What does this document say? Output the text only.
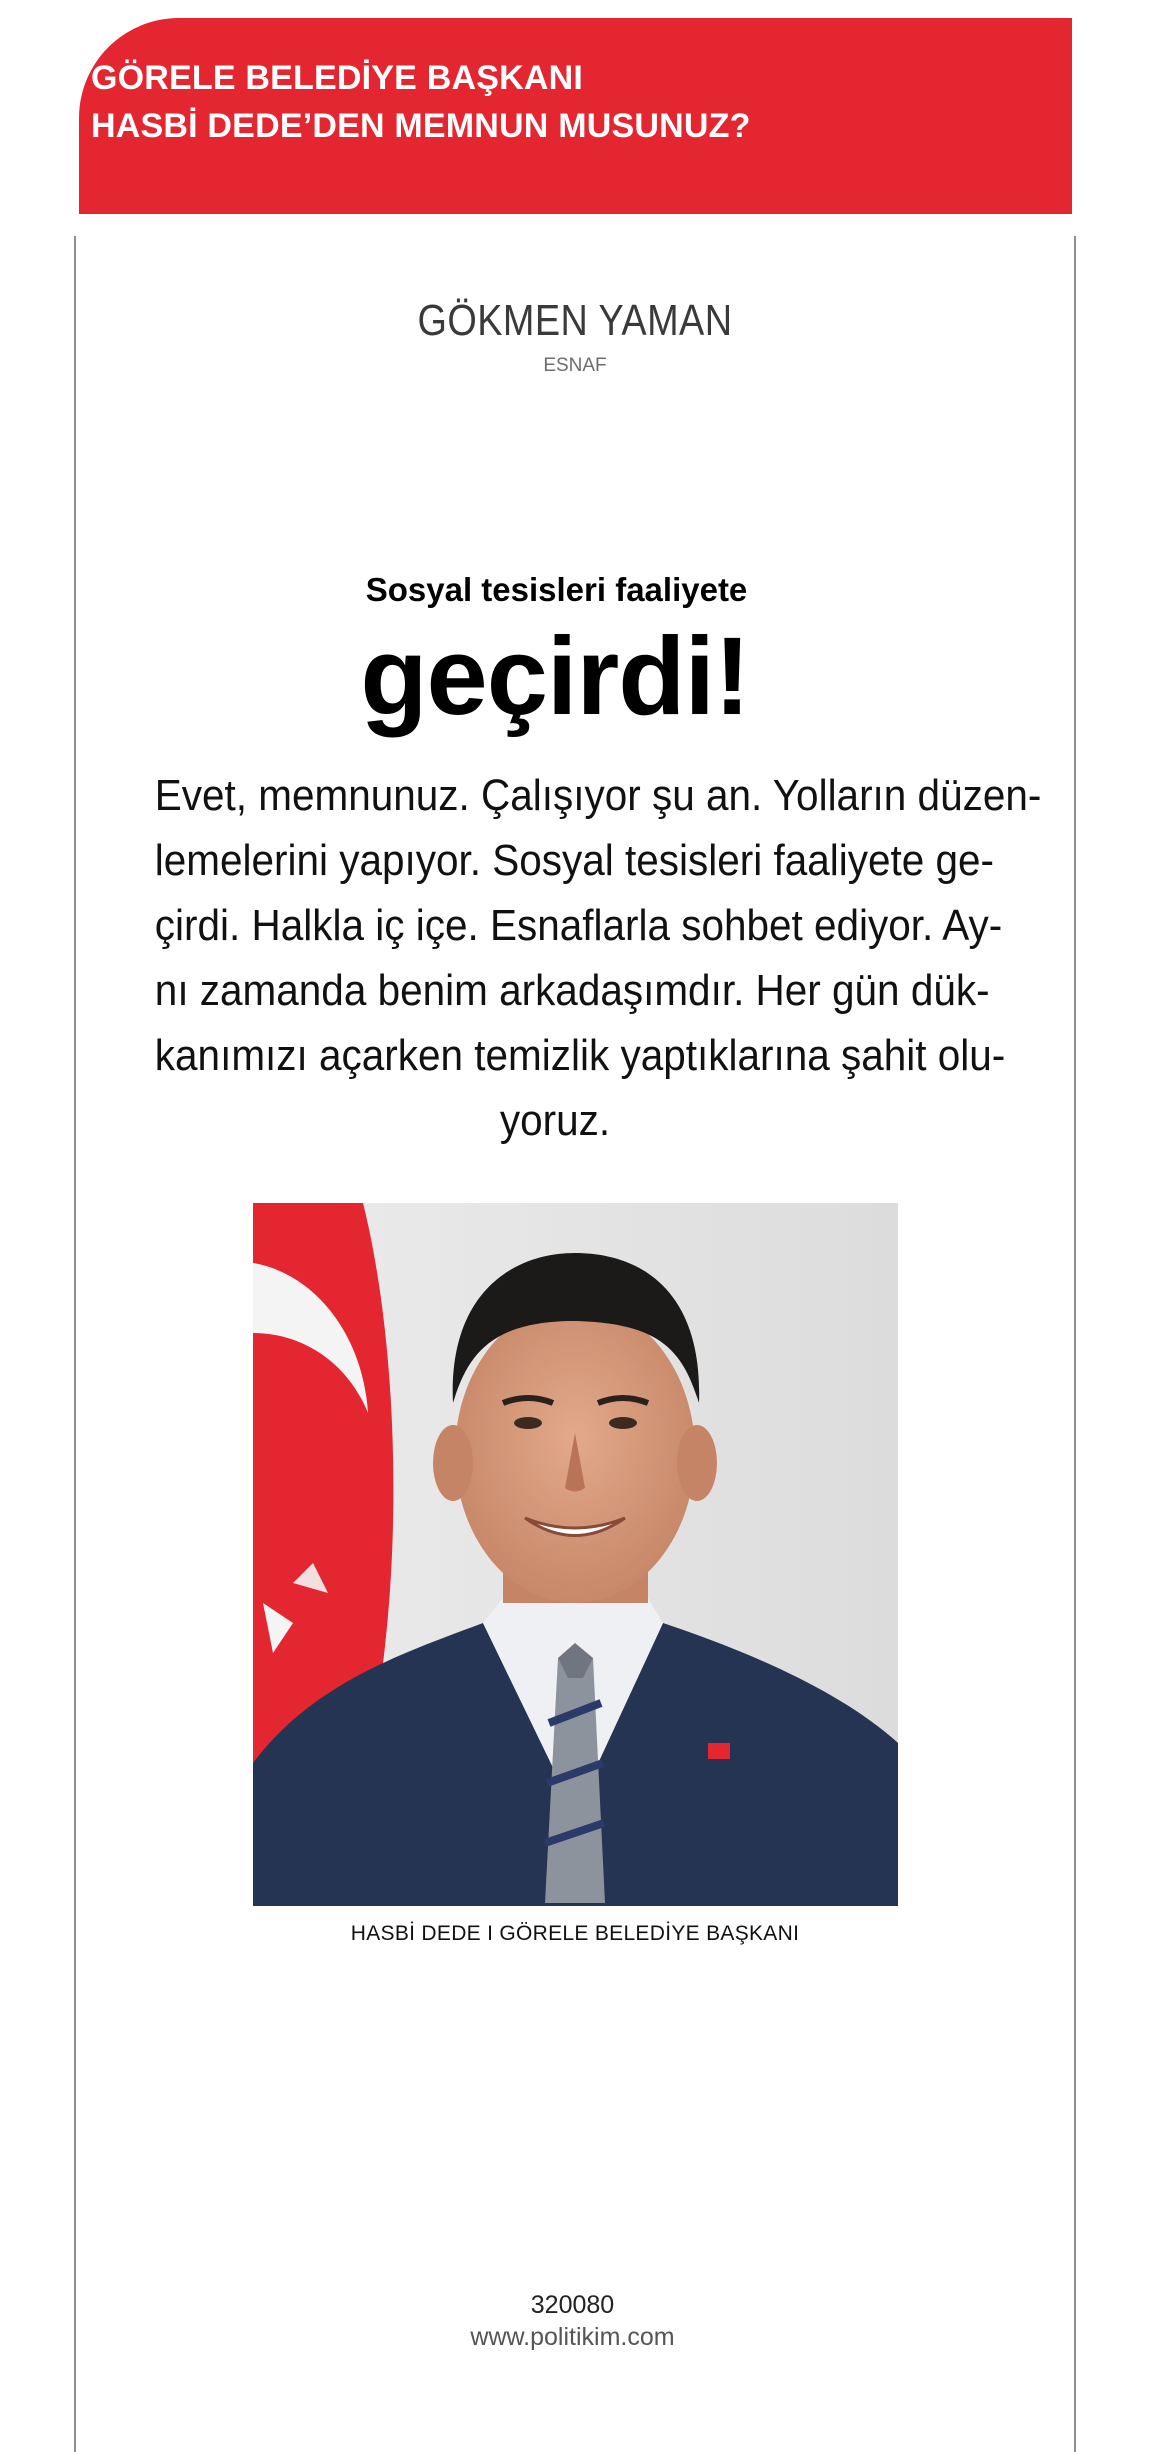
GÖRELE BELEDİYE BAŞKANI
HASBİ DEDE’DEN MEMNUN MUSUNUZ?
GÖKMEN YAMAN
ESNAF
Sosyal tesisleri faaliyete
geçirdi!

Evet, memnunuz. Çalışıyor şu an. Yolların düzen-
lemelerini yapıyor. Sosyal tesisleri faaliyete ge-
çirdi. Halkla iç içe. Esnaflarla sohbet ediyor. Ay-
nı zamanda benim arkadaşımdır. Her gün dük-
kanımızı açarken temizlik yaptıklarına şahit olu-
yoruz.

HASBİ DEDE I GÖRELE BELEDİYE BAŞKANI
320080
www.politikim.com
